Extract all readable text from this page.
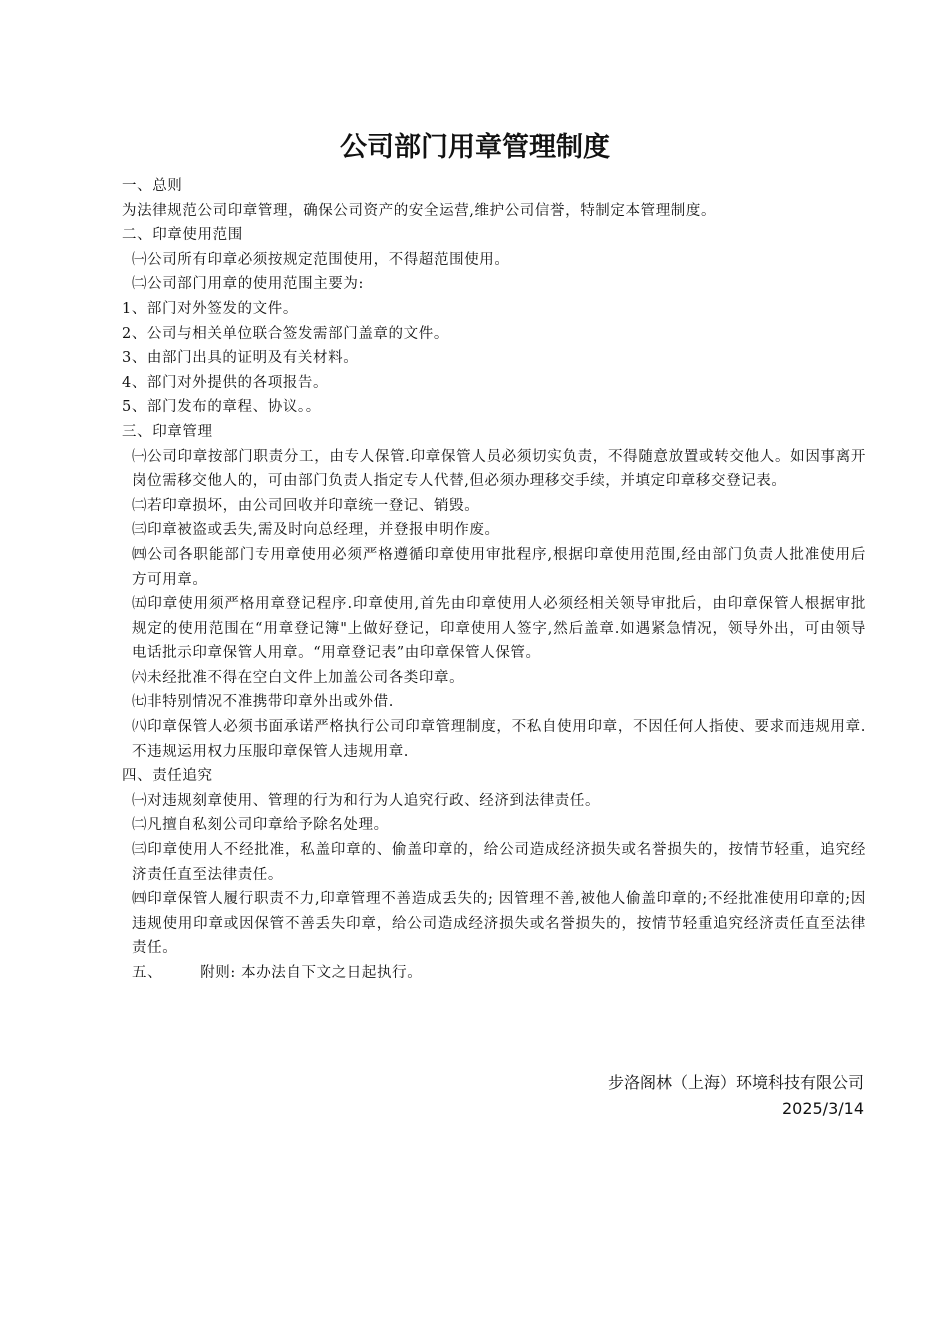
公司部门用章管理制度
一、总则
为法律规范公司印章管理，确保公司资产的安全运营,维护公司信誉，特制定本管理制度。
二、印章使用范围
㈠公司所有印章必须按规定范围使用，不得超范围使用。
㈡公司部门用章的使用范围主要为:
1、部门对外签发的文件。
2、公司与相关单位联合签发需部门盖章的文件。
3、由部门出具的证明及有关材料。
4、部门对外提供的各项报告。
5、部门发布的章程、协议。。
三、印章管理
㈠公司印章按部门职责分工，由专人保管.印章保管人员必须切实负责，不得随意放置或转交他人。如因事离开岗位需移交他人的，可由部门负责人指定专人代替,但必须办理移交手续，并填定印章移交登记表。
㈡若印章损坏，由公司回收并印章统一登记、销毁。
㈢印章被盗或丢失,需及时向总经理，并登报申明作废。
㈣公司各职能部门专用章使用必须严格遵循印章使用审批程序,根据印章使用范围,经由部门负责人批准使用后方可用章。
㈤印章使用须严格用章登记程序.印章使用,首先由印章使用人必须经相关领导审批后，由印章保管人根据审批规定的使用范围在“用章登记簿"上做好登记，印章使用人签字,然后盖章.如遇紧急情况，领导外出，可由领导电话批示印章保管人用章。“用章登记表”由印章保管人保管。
㈥未经批准不得在空白文件上加盖公司各类印章。
㈦非特别情况不准携带印章外出或外借.
㈧印章保管人必须书面承诺严格执行公司印章管理制度，不私自使用印章，不因任何人指使、要求而违规用章.不违规运用权力压服印章保管人违规用章.
四、责任追究
㈠对违规刻章使用、管理的行为和行为人追究行政、经济到法律责任。
㈡凡擅自私刻公司印章给予除名处理。
㈢印章使用人不经批准，私盖印章的、偷盖印章的，给公司造成经济损失或名誉损失的，按情节轻重，追究经济责任直至法律责任。
㈣印章保管人履行职责不力,印章管理不善造成丢失的; 因管理不善,被他人偷盖印章的;不经批准使用印章的;因违规使用印章或因保管不善丢失印章，给公司造成经济损失或名誉损失的，按情节轻重追究经济责任直至法律责任。
五、	附则: 本办法自下文之日起执行。
步洛阁林（上海）环境科技有限公司
2025/3/14
